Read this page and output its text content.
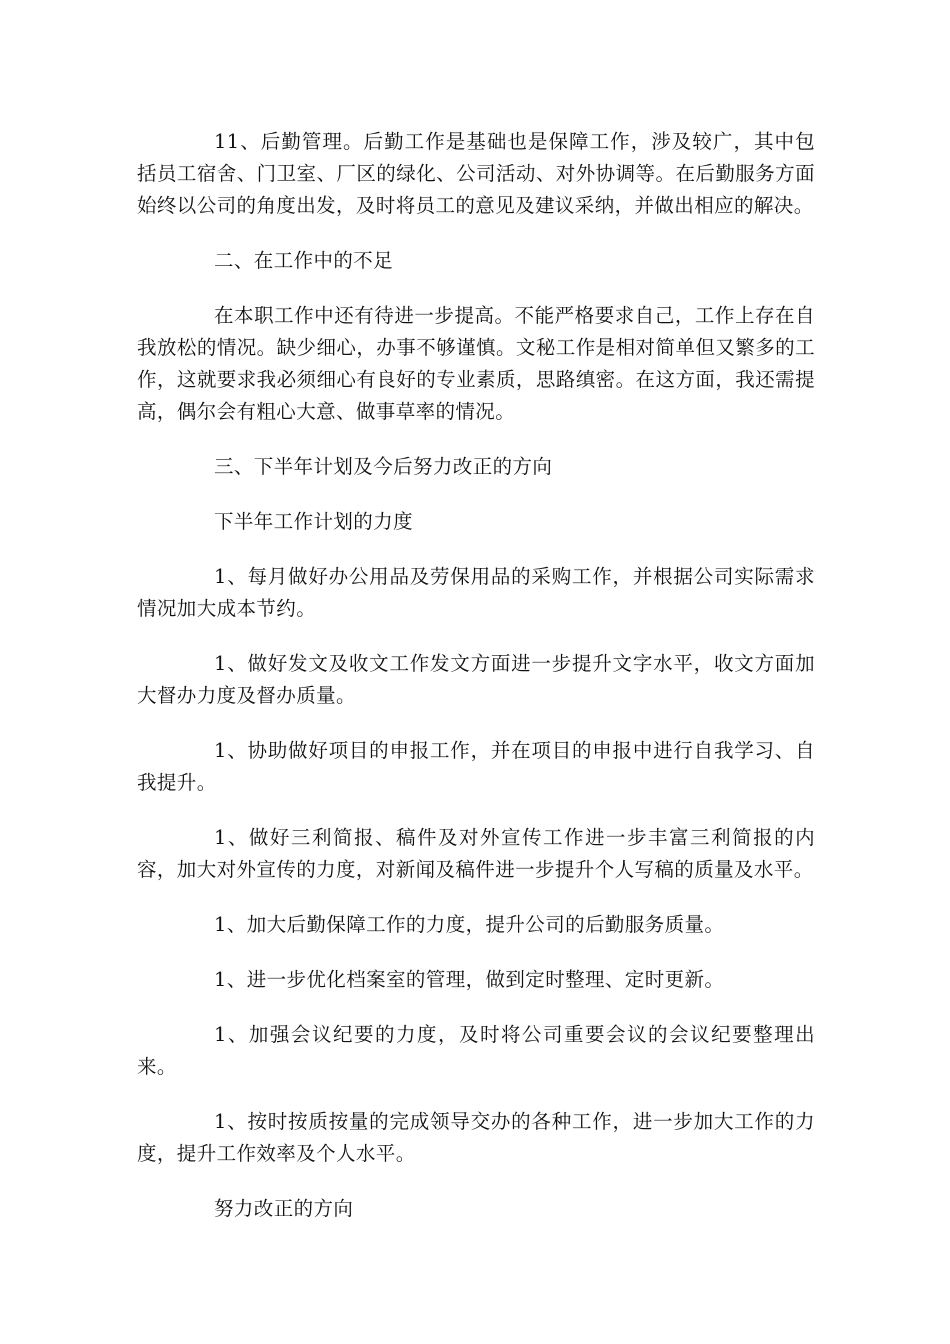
11、后勤管理。后勤工作是基础也是保障工作，涉及较广，其中包括员工宿舍、门卫室、厂区的绿化、公司活动、对外协调等。在后勤服务方面始终以公司的角度出发，及时将员工的意见及建议采纳，并做出相应的解决。

二、在工作中的不足

在本职工作中还有待进一步提高。不能严格要求自己，工作上存在自我放松的情况。缺少细心，办事不够谨慎。文秘工作是相对简单但又繁多的工作，这就要求我必须细心有良好的专业素质，思路缜密。在这方面，我还需提高，偶尔会有粗心大意、做事草率的情况。

三、下半年计划及今后努力改正的方向

下半年工作计划的力度

1、每月做好办公用品及劳保用品的采购工作，并根据公司实际需求情况加大成本节约。

1、做好发文及收文工作发文方面进一步提升文字水平，收文方面加大督办力度及督办质量。

1、协助做好项目的申报工作，并在项目的申报中进行自我学习、自我提升。

1、做好三利简报、稿件及对外宣传工作进一步丰富三利简报的内容，加大对外宣传的力度，对新闻及稿件进一步提升个人写稿的质量及水平。

1、加大后勤保障工作的力度，提升公司的后勤服务质量。

1、进一步优化档案室的管理，做到定时整理、定时更新。

1、加强会议纪要的力度，及时将公司重要会议的会议纪要整理出来。

1、按时按质按量的完成领导交办的各种工作，进一步加大工作的力度，提升工作效率及个人水平。

努力改正的方向
